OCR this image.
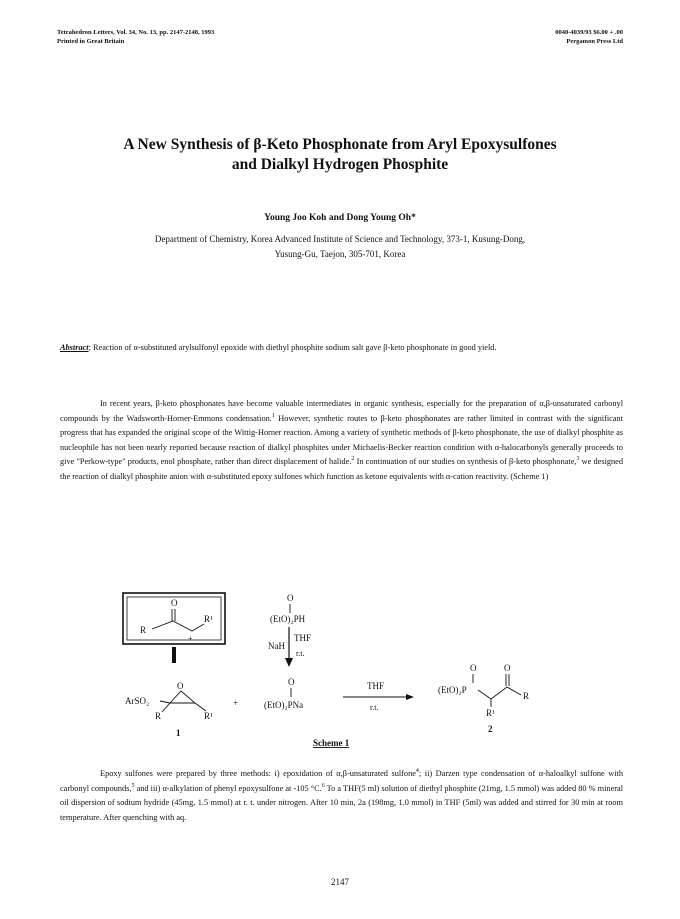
Tetrahedron Letters, Vol. 34, No. 13, pp. 2147-2148, 1993
Printed in Great Britain
0040-4039/93 $6.00 + .00
Pergamon Press Ltd
A New Synthesis of β-Keto Phosphonate from Aryl Epoxysulfones
and Dialkyl Hydrogen Phosphite
Young Joo Koh and Dong Young Oh*
Department of Chemistry, Korea Advanced Institute of Science and Technology, 373-1, Kusung-Dong,
Yusung-Gu, Taejon, 305-701, Korea
Abstract; Reaction of α-substituted arylsulfonyl epoxide with diethyl phosphite sodium salt gave β-keto phosphonate in good yield.
In recent years, β-keto phosphonates have become valuable intermediates in organic synthesis, especially for the preparation of α,β-unsaturated carbonyl compounds by the Wadsworth-Horner-Emmons condensation.$^1$ However, synthetic routes to β-keto phosphonates are rather limited in contrast with the significant progress that has expanded the original scope of the Wittig-Horner reaction. Among a variety of synthetic methods of β-keto phosphonate, the use of dialkyl phosphite as nucleophile has not been nearly reported because reaction of dialkyl phosphites under Michaelis-Becker reaction condition with α-halocarbonyls generally proceeds to give "Perkow-type" products, enol phosphate, rather than direct displacement of halide.$^2$ In continuation of our studies on synthesis of β-keto phosphonate,$^3$ we designed the reaction of dialkyl phosphite anion with α-substituted epoxy sulfones which function as ketone equivalents with α-cation reactivity. (Scheme 1)
O
R
R¹
+
O
(EtO)₂PH
NaH
THF
r.t.
ArSO₂
O
R	R¹
1
+
O
(EtO)₂PNa
THF
r.t.
O	O
(EtO)₂P
R
R¹
2
Scheme 1
Epoxy sulfones were prepared by three methods: i) epoxidation of α,β-unsaturated sulfone$^4$; ii) Darzen type condensation of α-haloalkyl sulfone with carbonyl compounds,$^5$ and iii) α-alkylation of phenyl epoxysulfone at -105 °C.$^6$ To a THF(5 ml) solution of diethyl phosphite (21mg, 1.5 mmol) was added 80 % mineral oil dispersion of sodium hydride (45mg, 1.5 mmol) at r. t. under nitrogen. After 10 min, 2a (198mg, 1.0 mmol) in THF (5ml) was added and stirred for 30 min at room temperature. After quenching with aq.
2147
